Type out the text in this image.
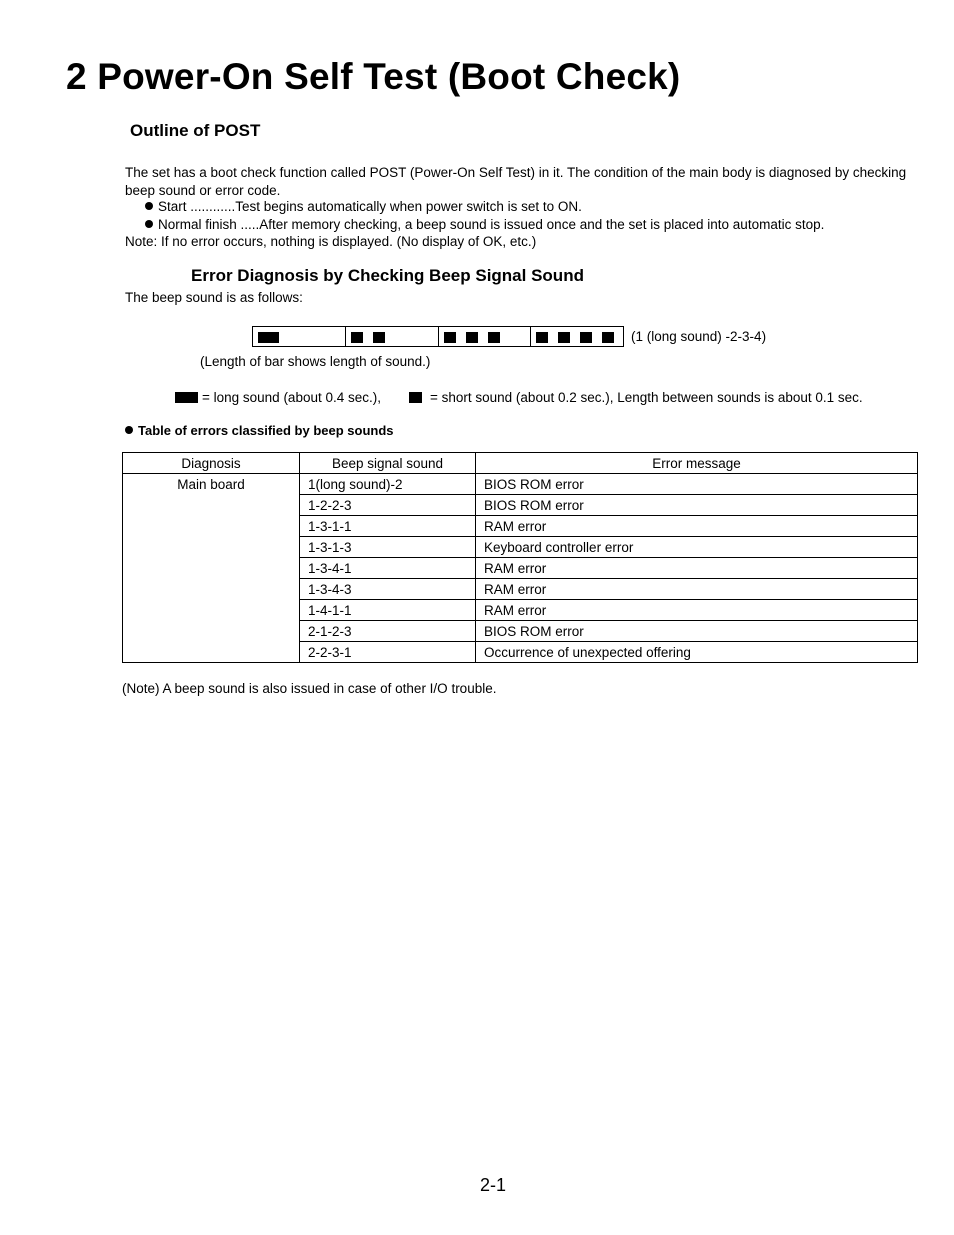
2 Power-On Self Test (Boot Check)
Outline of POST
The set has a boot check function called POST (Power-On Self Test) in it. The condition of the main body is diagnosed by checking beep sound or error code.
Start ............Test begins automatically when power switch is set to ON.
Normal finish .....After memory checking, a beep sound is issued once and the set is placed into automatic stop.
Note: If no error occurs, nothing is displayed. (No display of OK, etc.)
Error Diagnosis by Checking Beep Signal Sound
The beep sound is as follows:
(1 (long sound) -2-3-4)
(Length of bar shows length of sound.)
= long sound (about 0.4 sec.),	= short sound (about 0.2 sec.), Length between sounds is about 0.1 sec.
Table of errors classified by beep sounds
Diagnosis	Beep signal sound	Error message
Main board	1(long sound)-2	BIOS ROM error
	1-2-2-3	BIOS ROM error
	1-3-1-1	RAM error
	1-3-1-3	Keyboard controller error
	1-3-4-1	RAM error
	1-3-4-3	RAM error
	1-4-1-1	RAM error
	2-1-2-3	BIOS ROM error
	2-2-3-1	Occurrence of unexpected offering
(Note) A beep sound is also issued in case of other I/O trouble.
2-1
